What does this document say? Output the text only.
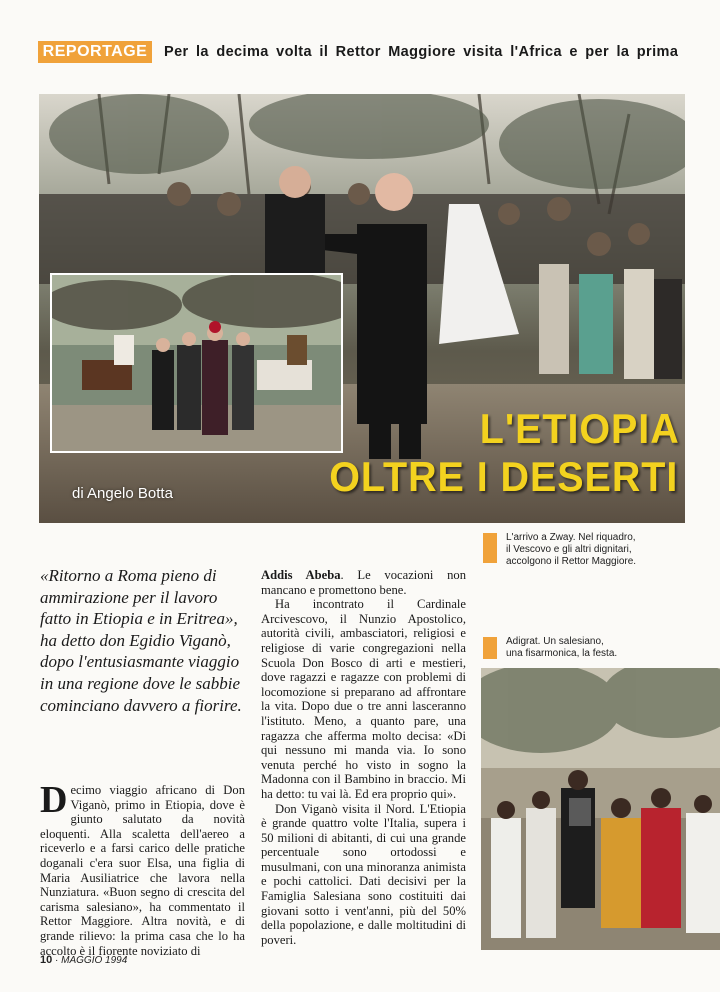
REPORTAGE	Per la decima volta il Rettor Maggiore visita l'Africa e per la prima
di Angelo Botta
L'ETIOPIA
OLTRE I DESERTI
L'arrivo a Zway. Nel riquadro,
il Vescovo e gli altri dignitari,
accolgono il Rettor Maggiore.
Adigrat. Un salesiano,
una fisarmonica, la festa.
«Ritorno a Roma pieno di ammirazione per il lavoro fatto in Etiopia e in Eritrea», ha detto don Egidio Viganò, dopo l'entusiasmante viaggio in una regione dove le sabbie cominciano davvero a fiorire.

Decimo viaggio africano di Don Viganò, primo in Etiopia, dove è giunto salutato da novità eloquenti. Alla scaletta dell'aereo a riceverlo e a farsi carico delle pratiche doganali c'era suor Elsa, una figlia di Maria Ausiliatrice che lavora nella Nunziatura. «Buon segno di crescita del carisma salesiano», ha commentato il Rettor Maggiore. Altra novità, e di grande rilievo: la prima casa che lo ha accolto è il fiorente noviziato di

Addis Abeba. Le vocazioni non mancano e promettono bene.

Ha incontrato il Cardinale Arcivescovo, il Nunzio Apostolico, autorità civili, ambasciatori, religiosi e religiose di varie congregazioni nella Scuola Don Bosco di arti e mestieri, dove ragazzi e ragazze con problemi di locomozione si preparano ad affrontare la vita. Dopo due o tre anni lasceranno l'istituto. Meno, a quanto pare, una ragazza che afferma molto decisa: «Di qui nessuno mi manda via. Io sono venuta perché ho visto in sogno la Madonna con il Bambino in braccio. Mi ha detto: tu vai là. Ed era proprio qui».

Don Viganò visita il Nord. L'Etiopia è grande quattro volte l'Italia, supera i 50 milioni di abitanti, di cui una grande percentuale sono ortodossi e musulmani, con una minoranza animista e pochi cattolici. Dati decisivi per la Famiglia Salesiana sono costituiti dai giovani sotto i vent'anni, più del 50% della popolazione, e dalle moltitudini di poveri.

10 · MAGGIO 1994
